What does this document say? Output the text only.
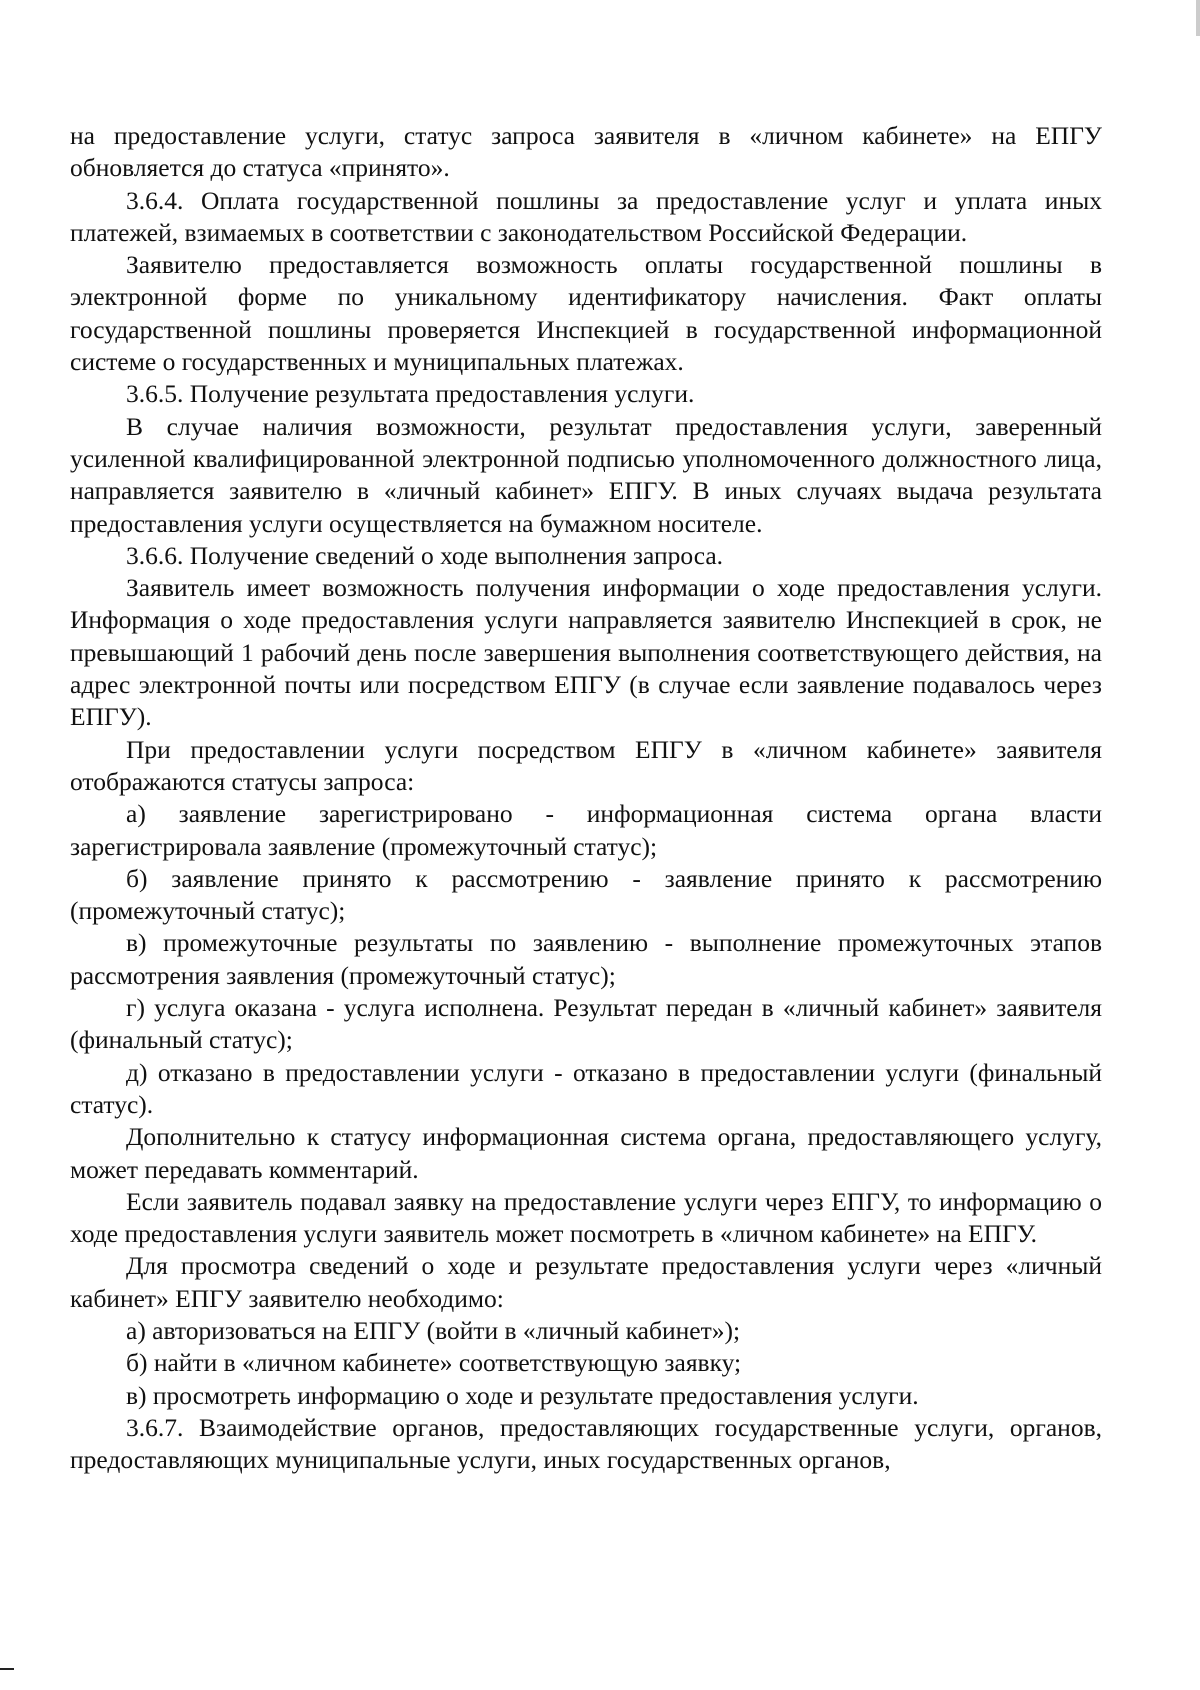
на предоставление услуги, статус запроса заявителя в «личном кабинете» на ЕПГУ обновляется до статуса «принято».

3.6.4. Оплата государственной пошлины за предоставление услуг и уплата иных платежей, взимаемых в соответствии с законодательством Российской Федерации.

Заявителю предоставляется возможность оплаты государственной пошлины в электронной форме по уникальному идентификатору начисления. Факт оплаты государственной пошлины проверяется Инспекцией в государственной информационной системе о государственных и муниципальных платежах.

3.6.5. Получение результата предоставления услуги.

В случае наличия возможности, результат предоставления услуги, заверенный усиленной квалифицированной электронной подписью уполномоченного должностного лица, направляется заявителю в «личный кабинет» ЕПГУ. В иных случаях выдача результата предоставления услуги осуществляется на бумажном носителе.

3.6.6. Получение сведений о ходе выполнения запроса.

Заявитель имеет возможность получения информации о ходе предоставления услуги. Информация о ходе предоставления услуги направляется заявителю Инспекцией в срок, не превышающий 1 рабочий день после завершения выполнения соответствующего действия, на адрес электронной почты или посредством ЕПГУ (в случае если заявление подавалось через ЕПГУ).

При предоставлении услуги посредством ЕПГУ в «личном кабинете» заявителя отображаются статусы запроса:

а) заявление зарегистрировано - информационная система органа власти зарегистрировала заявление (промежуточный статус);

б) заявление принято к рассмотрению - заявление принято к рассмотрению (промежуточный статус);

в) промежуточные результаты по заявлению - выполнение промежуточных этапов рассмотрения заявления (промежуточный статус);

г) услуга оказана - услуга исполнена. Результат передан в «личный кабинет» заявителя (финальный статус);

д) отказано в предоставлении услуги - отказано в предоставлении услуги (финальный статус).

Дополнительно к статусу информационная система органа, предоставляющего услугу, может передавать комментарий.

Если заявитель подавал заявку на предоставление услуги через ЕПГУ, то информацию о ходе предоставления услуги заявитель может посмотреть в «личном кабинете» на ЕПГУ.

Для просмотра сведений о ходе и результате предоставления услуги через «личный кабинет» ЕПГУ заявителю необходимо:

а) авторизоваться на ЕПГУ (войти в «личный кабинет»);

б) найти в «личном кабинете» соответствующую заявку;

в) просмотреть информацию о ходе и результате предоставления услуги.

3.6.7. Взаимодействие органов, предоставляющих государственные услуги, органов, предоставляющих муниципальные услуги, иных государственных органов,
